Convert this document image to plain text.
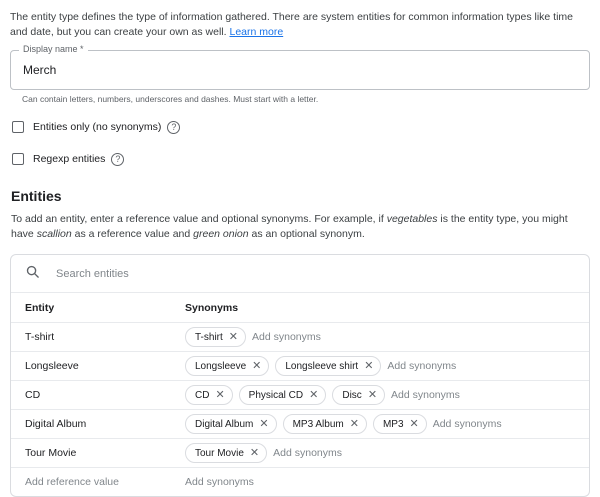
The entity type defines the type of information gathered. There are system entities for common information types like time and date, but you can create your own as well. Learn more
Merch
Display name *
Can contain letters, numbers, underscores and dashes. Must start with a letter.
Entities only (no synonyms)	?
Regexp entities	?
Entities
To add an entity, enter a reference value and optional synonyms. For example, if vegetables is the entity type, you might have scallion as a reference value and green onion as an optional synonym.
Search entities
Entity	Synonyms
T-shirt	T-shirt ✕ Add synonyms
Longsleeve	Longsleeve ✕ Longsleeve shirt ✕ Add synonyms
CD	CD ✕ Physical CD ✕ Disc ✕ Add synonyms
Digital Album	Digital Album ✕ MP3 Album ✕ MP3 ✕ Add synonyms
Tour Movie	Tour Movie ✕ Add synonyms
Add reference value	Add synonyms
